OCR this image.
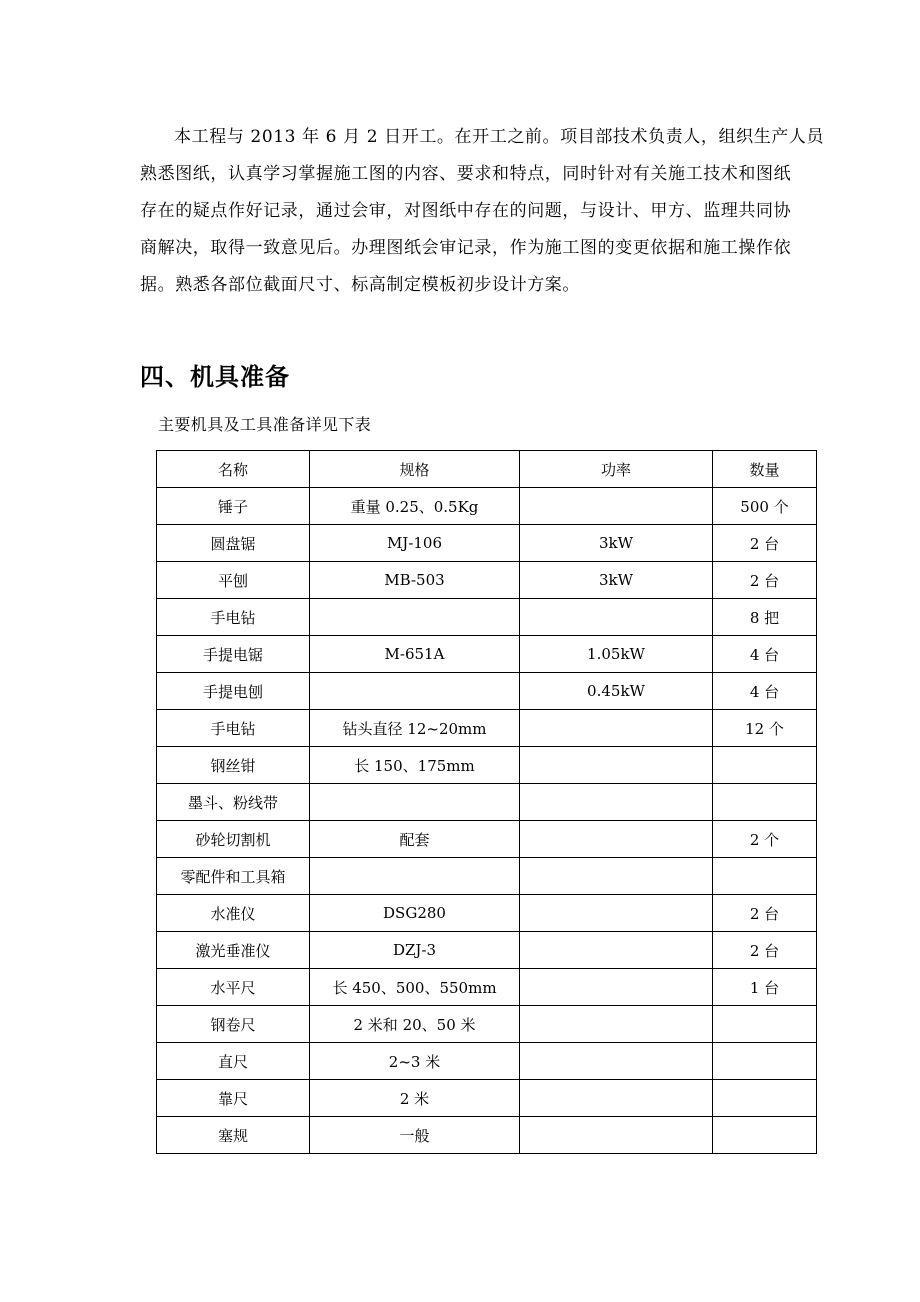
本工程与 2013 年 6 月 2 日开工。在开工之前。项目部技术负责人，组织生产人员
熟悉图纸，认真学习掌握施工图的内容、要求和特点，同时针对有关施工技术和图纸
存在的疑点作好记录，通过会审，对图纸中存在的问题，与设计、甲方、监理共同协
商解决，取得一致意见后。办理图纸会审记录，作为施工图的变更依据和施工操作依
据。熟悉各部位截面尺寸、标高制定模板初步设计方案。

四、机具准备

主要机具及工具准备详见下表

名称	规格	功率	数量
锤子	重量 0.25、0.5Kg		500 个
圆盘锯	MJ-106	3kW	2 台
平刨	MB-503	3kW	2 台
手电钻			8 把
手提电锯	M-651A	1.05kW	4 台
手提电刨		0.45kW	4 台
手电钻	钻头直径 12~20mm		12 个
钢丝钳	长 150、175mm		
墨斗、粉线带			
砂轮切割机	配套		2 个
零配件和工具箱			
水准仪	DSG280		2 台
激光垂准仪	DZJ-3		2 台
水平尺	长 450、500、550mm		1 台
钢卷尺	2 米和 20、50 米		
直尺	2~3 米		
靠尺	2 米		
塞规	一般		
